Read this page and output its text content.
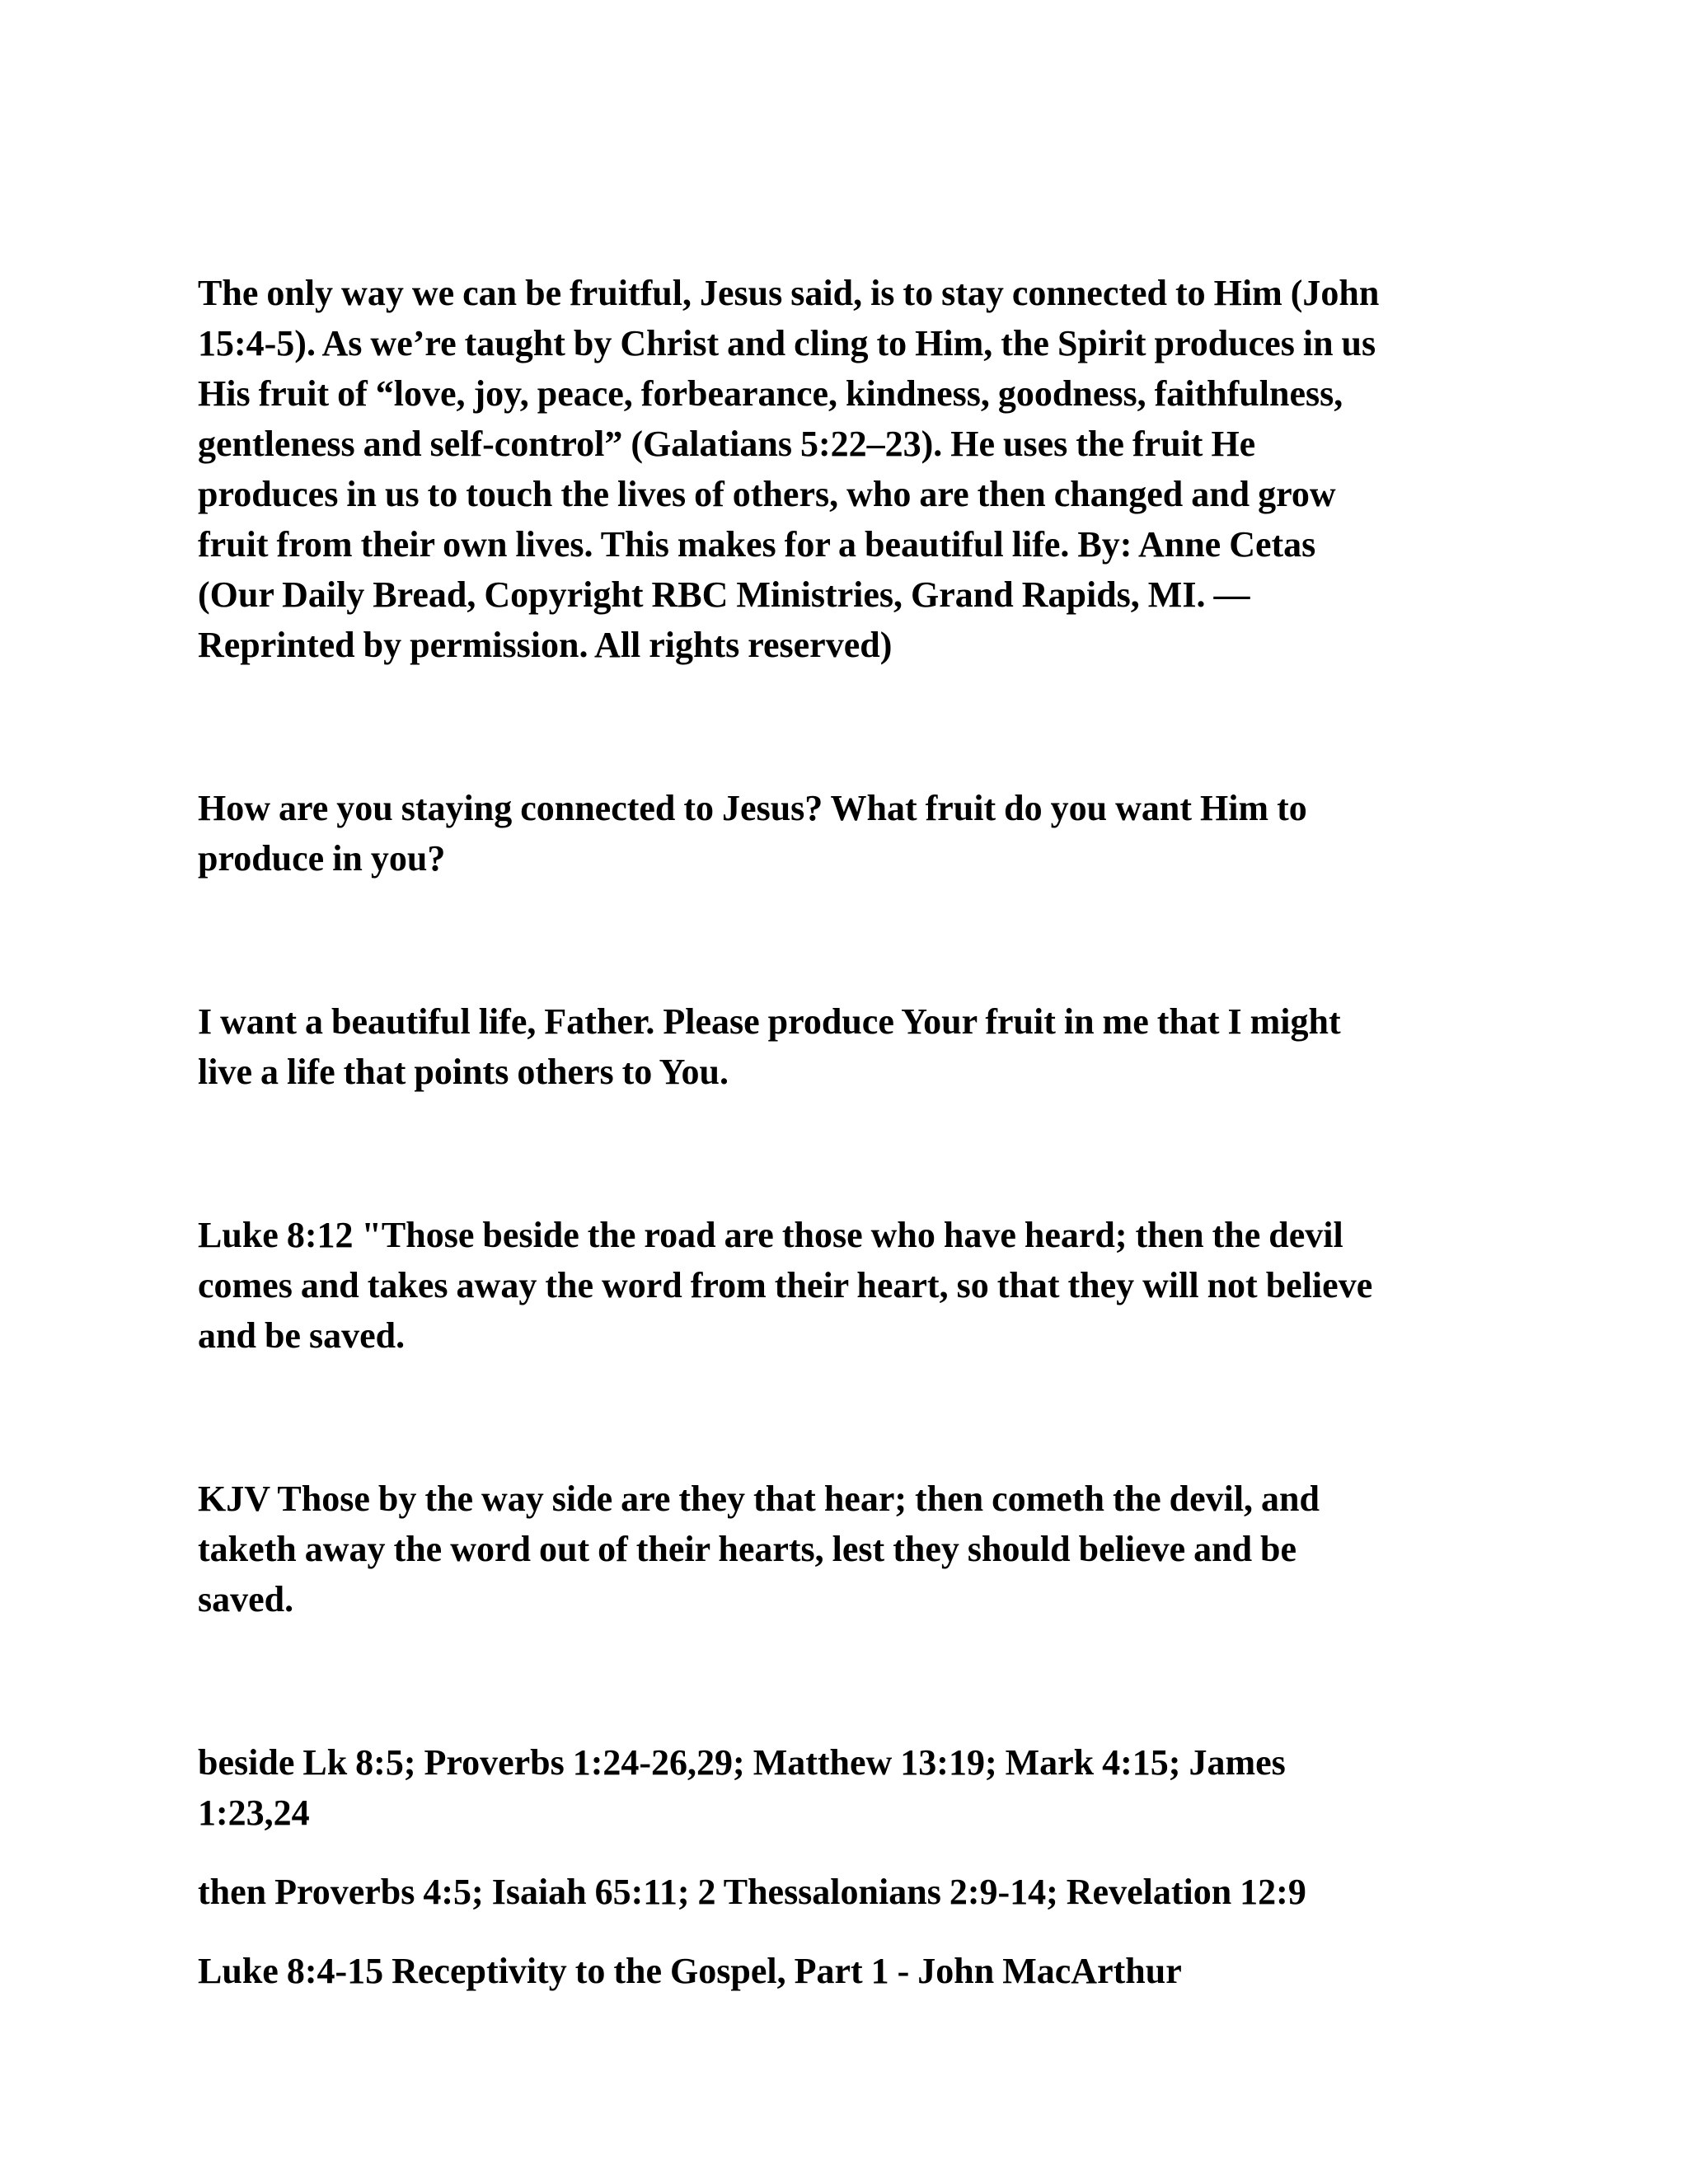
The only way we can be fruitful, Jesus said, is to stay connected to Him (John
15:4-5). As we’re taught by Christ and cling to Him, the Spirit produces in us
His fruit of “love, joy, peace, forbearance, kindness, goodness, faithfulness,
gentleness and self-control” (Galatians 5:22–23). He uses the fruit He
produces in us to touch the lives of others, who are then changed and grow
fruit from their own lives. This makes for a beautiful life. By: Anne Cetas
(Our Daily Bread, Copyright RBC Ministries, Grand Rapids, MI. —
Reprinted by permission. All rights reserved)

How are you staying connected to Jesus? What fruit do you want Him to
produce in you?

I want a beautiful life, Father. Please produce Your fruit in me that I might
live a life that points others to You.

Luke 8:12 "Those beside the road are those who have heard; then the devil
comes and takes away the word from their heart, so that they will not believe
and be saved.

KJV Those by the way side are they that hear; then cometh the devil, and
taketh away the word out of their hearts, lest they should believe and be
saved.

beside Lk 8:5; Proverbs 1:24-26,29; Matthew 13:19; Mark 4:15; James
1:23,24

then Proverbs 4:5; Isaiah 65:11; 2 Thessalonians 2:9-14; Revelation 12:9

Luke 8:4-15 Receptivity to the Gospel, Part 1 - John MacArthur
